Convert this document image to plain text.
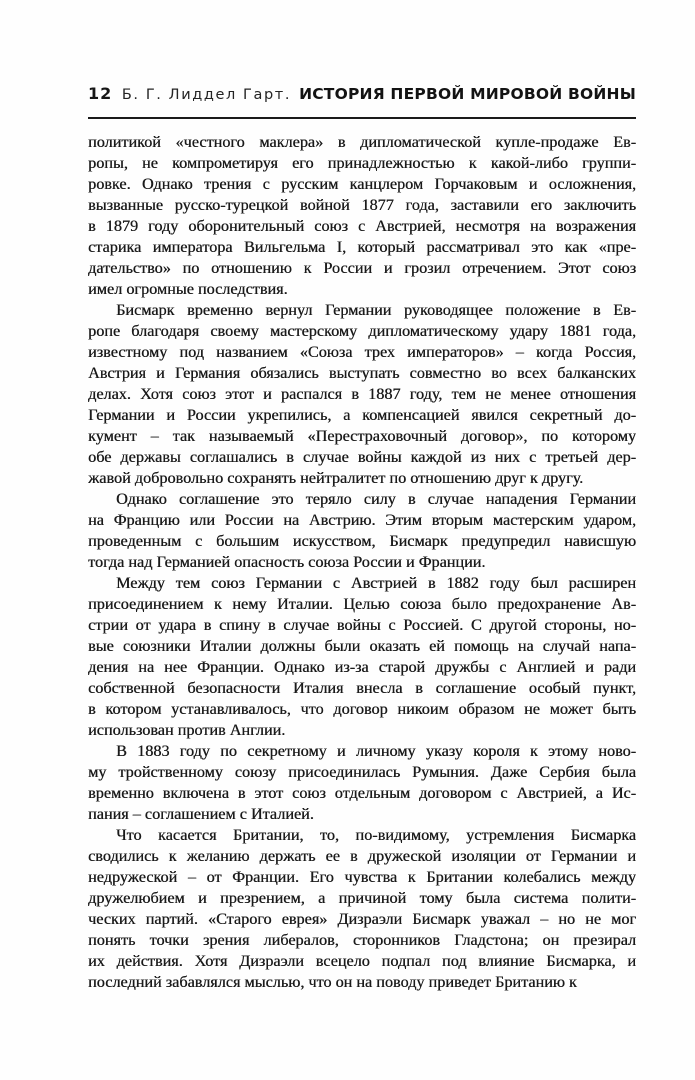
12 Б. Г. Лиддел Гарт. ИСТОРИЯ ПЕРВОЙ МИРОВОЙ ВОЙНЫ
политикой «честного маклера» в дипломатической купле-продаже Ев-
ропы, не компрометируя его принадлежностью к какой-либо группи-
ровке. Однако трения с русским канцлером Горчаковым и осложнения,
вызванные русско-турецкой войной 1877 года, заставили его заключить
в 1879 году оборонительный союз с Австрией, несмотря на возражения
старика императора Вильгельма I, который рассматривал это как «пре-
дательство» по отношению к России и грозил отречением. Этот союз
имел огромные последствия.
Бисмарк временно вернул Германии руководящее положение в Ев-
ропе благодаря своему мастерскому дипломатическому удару 1881 года,
известному под названием «Союза трех императоров» – когда Россия,
Австрия и Германия обязались выступать совместно во всех балканских
делах. Хотя союз этот и распался в 1887 году, тем не менее отношения
Германии и России укрепились, а компенсацией явился секретный до-
кумент – так называемый «Перестраховочный договор», по которому
обе державы соглашались в случае войны каждой из них с третьей дер-
жавой добровольно сохранять нейтралитет по отношению друг к другу.
Однако соглашение это теряло силу в случае нападения Германии
на Францию или России на Австрию. Этим вторым мастерским ударом,
проведенным с большим искусством, Бисмарк предупредил нависшую
тогда над Германией опасность союза России и Франции.
Между тем союз Германии с Австрией в 1882 году был расширен
присоединением к нему Италии. Целью союза было предохранение Ав-
стрии от удара в спину в случае войны с Россией. С другой стороны, но-
вые союзники Италии должны были оказать ей помощь на случай напа-
дения на нее Франции. Однако из-за старой дружбы с Англией и ради
собственной безопасности Италия внесла в соглашение особый пункт,
в котором устанавливалось, что договор никоим образом не может быть
использован против Англии.
В 1883 году по секретному и личному указу короля к этому ново-
му тройственному союзу присоединилась Румыния. Даже Сербия была
временно включена в этот союз отдельным договором с Австрией, а Ис-
пания – соглашением с Италией.
Что касается Британии, то, по-видимому, устремления Бисмарка
сводились к желанию держать ее в дружеской изоляции от Германии и
недружеской – от Франции. Его чувства к Британии колебались между
дружелюбием и презрением, а причиной тому была система полити-
ческих партий. «Старого еврея» Дизраэли Бисмарк уважал – но не мог
понять точки зрения либералов, сторонников Гладстона; он презирал
их действия. Хотя Дизраэли всецело подпал под влияние Бисмарка, и
последний забавлялся мыслью, что он на поводу приведет Британию к
